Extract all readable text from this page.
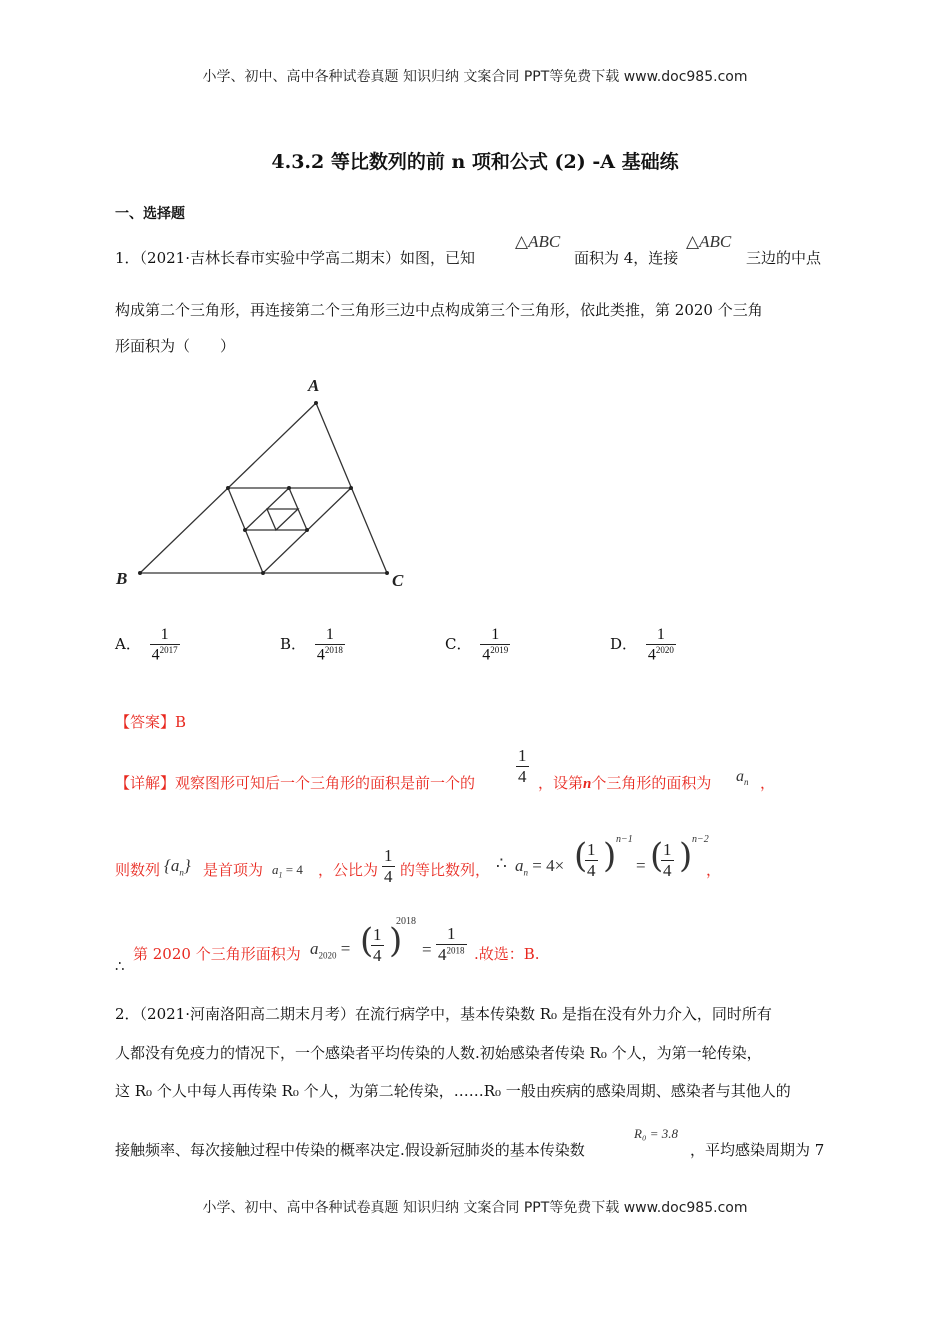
小学、初中、高中各种试卷真题 知识归纳 文案合同 PPT等免费下载 www.doc985.com
4.3.2 等比数列的前 n 项和公式 (2) -A 基础练
一、选择题
1．（2021·吉林长春市实验中学高二期末）如图，已知
△ABC
面积为 4，连接
△ABC
三边的中点
构成第二个三角形，再连接第二个三角形三边中点构成第三个三角形，依此类推，第 2020 个三角
形面积为（　　）
A
B	C
A． $\frac{1}{4^{2017}}$	B． $\frac{1}{4^{2018}}$	C． $\frac{1}{4^{2019}}$	D． $\frac{1}{4^{2020}}$
【答案】B
【详解】观察图形可知后一个三角形的面积是前一个的 $\frac{1}{4}$ ，设第n个三角形的面积为 $a_n$ ，
则数列 $\{a_n\}$ 是首项为 $a_1 = 4$ ，公比为 $\frac{1}{4}$ 的等比数列， ∴ $a_n = 4\times$ (
$\frac{1}{4}$ ) n−1
= (
$\frac{1}{4}$ ) n−2
，
∴
第 2020 个三角形面积为 $a_{2020}$ = (
$\frac{1}{4}$ )
2018
= $\frac{1}{4^{2018}}$ .故选：B.
2．（2021·河南洛阳高二期末月考）在流行病学中，基本传染数 R₀ 是指在没有外力介入，同时所有
人都没有免疫力的情况下，一个感染者平均传染的人数.初始感染者传染 R₀ 个人，为第一轮传染，
这 R₀ 个人中每人再传染 R₀ 个人，为第二轮传染，……R₀ 一般由疾病的感染周期、感染者与其他人的
接触频率、每次接触过程中传染的概率决定.假设新冠肺炎的基本传染数
R₀ = 3.8
，平均感染周期为 7
小学、初中、高中各种试卷真题 知识归纳 文案合同 PPT等免费下载 www.doc985.com
